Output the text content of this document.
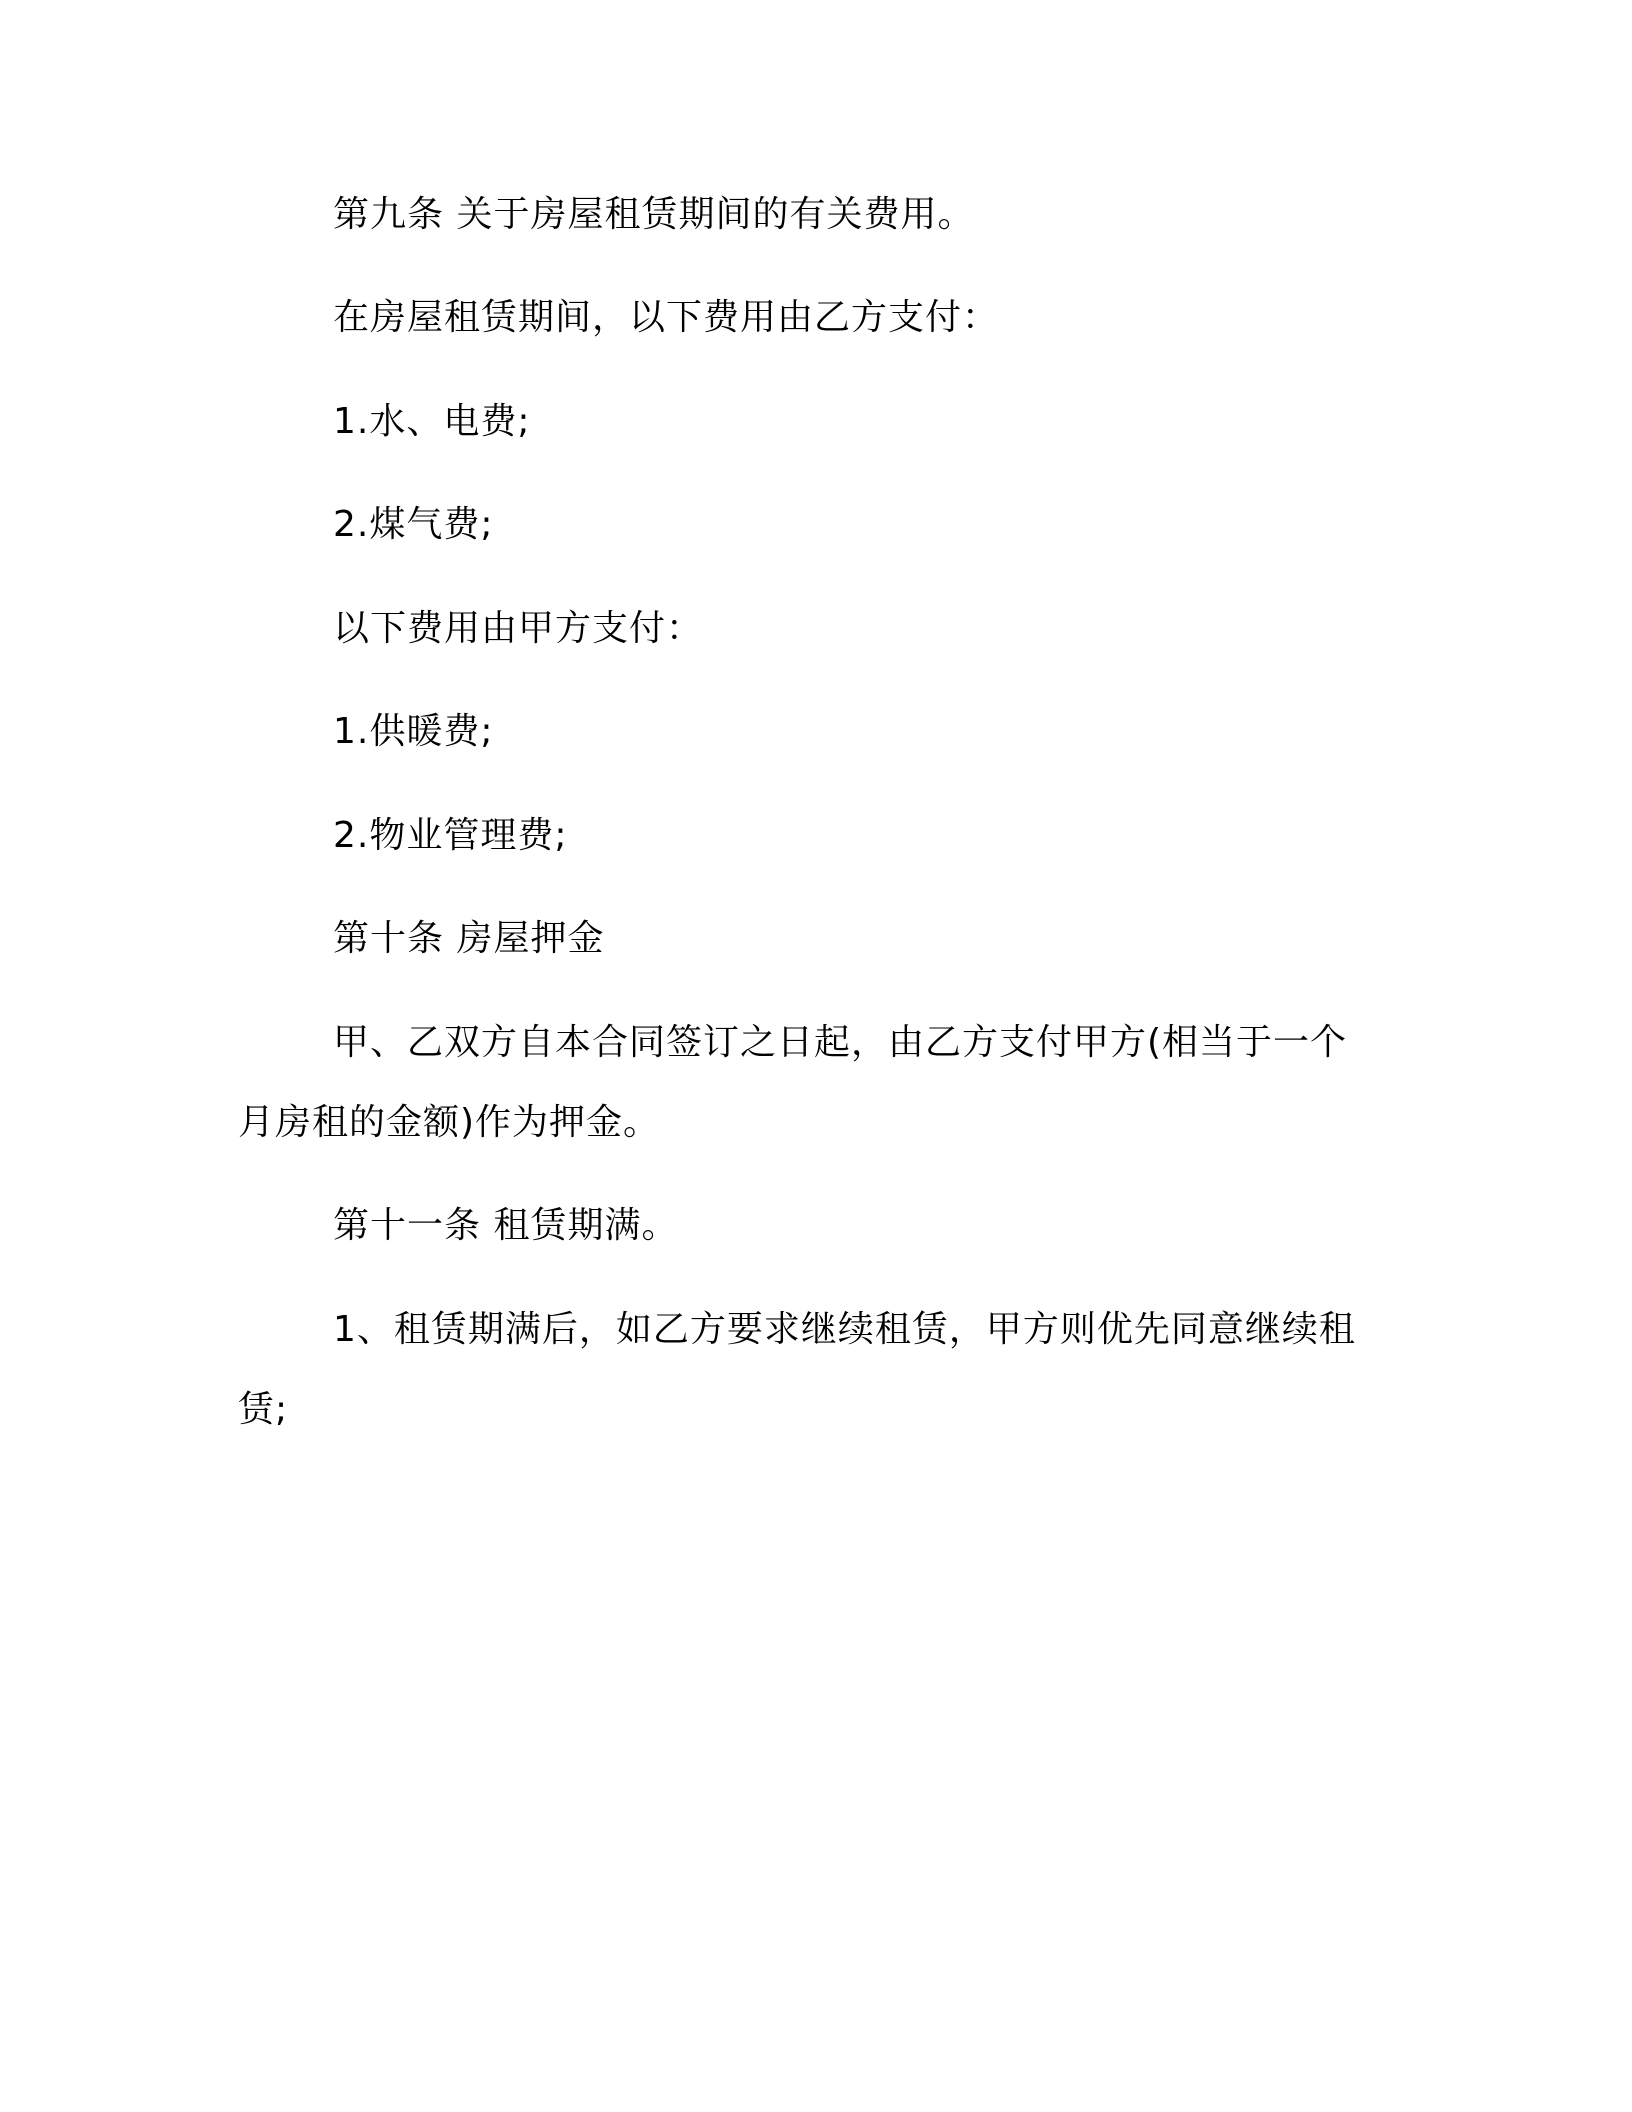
第九条 关于房屋租赁期间的有关费用。
在房屋租赁期间，以下费用由乙方支付：
1.水、电费;
2.煤气费;
以下费用由甲方支付：
1.供暖费;
2.物业管理费;
第十条 房屋押金
甲、乙双方自本合同签订之日起，由乙方支付甲方(相当于一个
月房租的金额)作为押金。
第十一条 租赁期满。
1、租赁期满后，如乙方要求继续租赁，甲方则优先同意继续租
赁;
